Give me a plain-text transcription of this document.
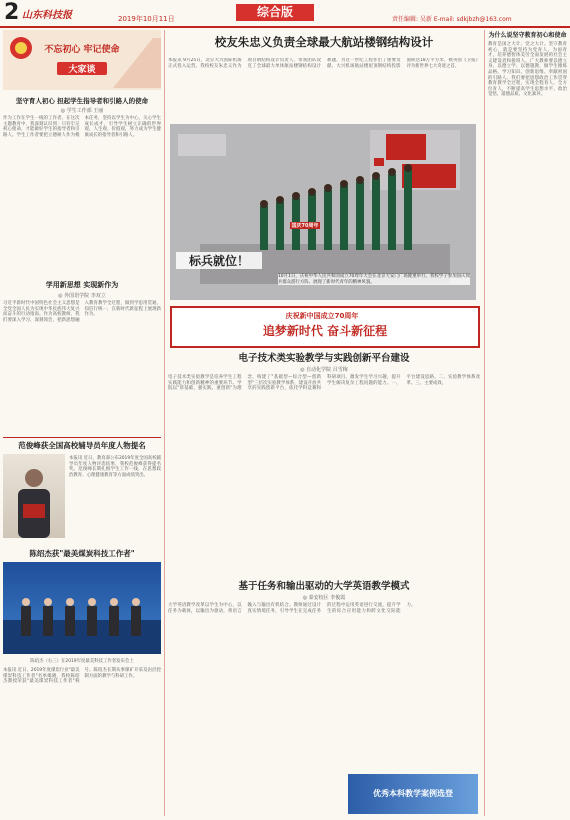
2 山东科技报	2019年10月11日	综合版
责任编辑: 吴新 E-mail: sdkjbzh@163.com
不忘初心 牢记使命
大家谈
坚守育人初心 担起学生指导者和引路人的使命

◎ 学生工作部 王丽

作为工作在学生一线的工作者，在这次主题教育中，我深刻认识到：只有牢记初心使命，才能做好学生的指导者和引路人。学生工作者要把立德树人作为根本任务，坚持以学生为中心，关心学生成长成才，引导学生树立正确的世界观、人生观、价值观，努力成为学生健康成长的指导者和引路人。

学用新思想 实现新作为

◎ 外国语学院 李双立

习近平新时代中国特色社会主义思想是全党全国人民为实现中华民族伟大复兴而奋斗的行动指南。作为高校教师，我们要深入学习、深刻领会，把新思想融入教育教学全过程，做到学思用贯通、知信行统一，在新时代新征程上展现新作为。

范俊峰获全国高校辅导员年度人物提名

本报讯 近日，教育部公布2019年度全国高校辅导员年度人物评选结果，我校范俊峰获得提名奖。范俊峰长期扎根学生工作一线，在思想政治教育、心理健康教育等方面成绩突出。

陈绍杰获"最美煤炭科技工作者"

陈绍杰（右三）在2019年度最美科技工作者发布会上

本报讯 近日，2019年度煤炭行业"最美煤炭科技工作者"名单揭晓，我校陈绍杰教授荣获"最美煤炭科技工作者"称号。陈绍杰长期从事煤矿开采及岩层控制方面的教学与科研工作。

校友朱忠义负责全球最大航站楼钢结构设计

本报讯 9月25日，北京大兴国际机场正式投入运营。我校校友朱忠义作为项目钢结构设计负责人，带领团队攻克了全球最大单体航站楼钢结构设计难题，为这一世纪工程作出了重要贡献。大兴机场航站楼屋顶钢结构投影面积达18万平方米，被英国《卫报》评为新世界七大奇迹之首。

标兵就位！
国庆70周年

10月1日，庆祝中华人民共和国成立70周年大会在北京天安门广场隆重举行。我校学子参加国庆阅兵群众游行方阵，展现了新时代青年的精神风貌。

庆祝新中国成立70周年
追梦新时代 奋斗新征程
电子技术类实验教学与实践创新平台建设

◎ 自动化学院 吕雪梅

电子技术类实验教学是培养学生工程实践能力和创新精神的重要环节。学院以"厚基础、强实践、重创新"为理念，构建了"基础型—综合型—创新型"三层次实验教学体系，建设开放共享的实践创新平台，依托学科竞赛和科研项目，激发学生学习兴趣，提升学生解决复杂工程问题的能力。一、平台建设思路。二、实验教学体系改革。三、主要成效。

基于任务和输出驱动的大学英语教学模式

◎ 泰安校区 李俊霞

大学英语教学改革以学生为中心，以任务为载体，以输出为驱动，将语言输入与输出有机结合。教师通过设计真实情境任务，引导学生在完成任务的过程中运用英语进行交流，提升学生的综合应用能力和跨文化交际能力。

优秀本科教学案例选登
为什么说坚守教育初心和使命

教育是国之大计、党之大计。坚守教育初心，就是要坚持为党育人、为国育才，培养德智体美劳全面发展的社会主义建设者和接班人。广大教师要以德立身、以德立学、以德施教，做学生锤炼品格、学习知识、创新思维、奉献祖国的引路人。我们要把思想政治工作贯穿教育教学全过程，实现全程育人、全方位育人，不断提高学生思想水平、政治觉悟、道德品质、文化素养。
